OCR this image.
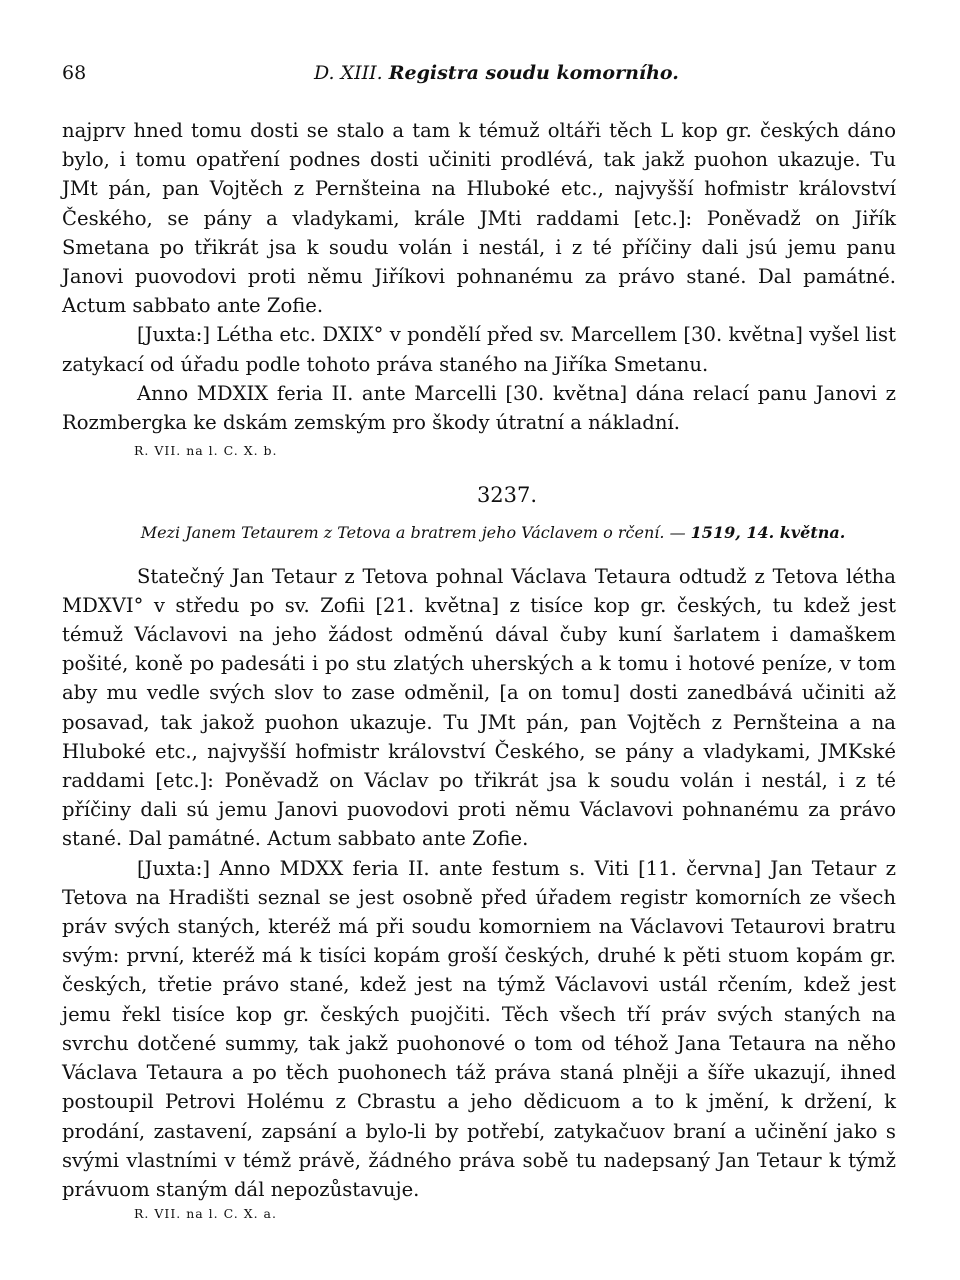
68	D. XIII. Registra soudu komorního.

najprv hned tomu dosti se stalo a tam k témuž oltáři těch L kop gr. českých dáno bylo, i tomu opatření podnes dosti učiniti prodlévá, tak jakž puohon ukazuje. Tu JMt pán, pan Vojtěch z Pernšteina na Hluboké etc., najvyšší hofmistr království Českého, se pány a vladykami, krále JMti raddami [etc.]: Poněvadž on Jiřík Smetana po třikrát jsa k soudu volán i nestál, i z té příčiny dali jsú jemu panu Janovi puovodovi proti němu Jiříkovi pohnanému za právo stané. Dal památné. Actum sabbato ante Zofie.

[Juxta:] Létha etc. DXIX° v pondělí před sv. Marcellem [30. května] vyšel list zatykací od úřadu podle tohoto práva staného na Jiříka Smetanu.

Anno MDXIX feria II. ante Marcelli [30. května] dána relací panu Janovi z Rozmbergka ke dskám zemským pro škody útratní a nákladní.

R. VII. na l. C. X. b.

3237.
Mezi Janem Tetaurem z Tetova a bratrem jeho Václavem o rčení. — 1519, 14. května.

Statečný Jan Tetaur z Tetova pohnal Václava Tetaura odtudž z Tetova létha MDXVI° v středu po sv. Zofii [21. května] z tisíce kop gr. českých, tu kdež jest témuž Václavovi na jeho žádost odměnú dával čuby kuní šarlatem i damaškem pošité, koně po padesáti i po stu zlatých uherských a k tomu i hotové peníze, v tom aby mu vedle svých slov to zase odměnil, [a on tomu] dosti zanedbává učiniti až posavad, tak jakož puohon ukazuje. Tu JMt pán, pan Vojtěch z Pernšteina a na Hluboké etc., najvyšší hofmistr království Českého, se pány a vladykami, JMKské raddami [etc.]: Poněvadž on Václav po třikrát jsa k soudu volán i nestál, i z té příčiny dali sú jemu Janovi puovodovi proti němu Václavovi pohnanému za právo stané. Dal památné. Actum sabbato ante Zofie.

[Juxta:] Anno MDXX feria II. ante festum s. Viti [11. června] Jan Tetaur z Tetova na Hradišti seznal se jest osobně před úřadem registr komorních ze všech práv svých staných, kteréž má při soudu komorniem na Václavovi Tetaurovi bratru svým: první, kteréž má k tisíci kopám groší českých, druhé k pěti stuom kopám gr. českých, třetie právo stané, kdež jest na týmž Václavovi ustál rčením, kdež jest jemu řekl tisíce kop gr. českých puojčiti. Těch všech tří práv svých staných na svrchu dotčené summy, tak jakž puohonové o tom od téhož Jana Tetaura na něho Václava Tetaura a po těch puohonech táž práva staná plněji a šíře ukazují, ihned postoupil Petrovi Holému z Cbrastu a jeho dědicuom a to k jmění, k držení, k prodání, zastavení, zapsání a bylo-li by potřebí, zatykačuov braní a učinění jako s svými vlastními v témž právě, žádného práva sobě tu nadepsaný Jan Tetaur k týmž právuom staným dál nepozůstavuje.

R. VII. na l. C. X. a.
